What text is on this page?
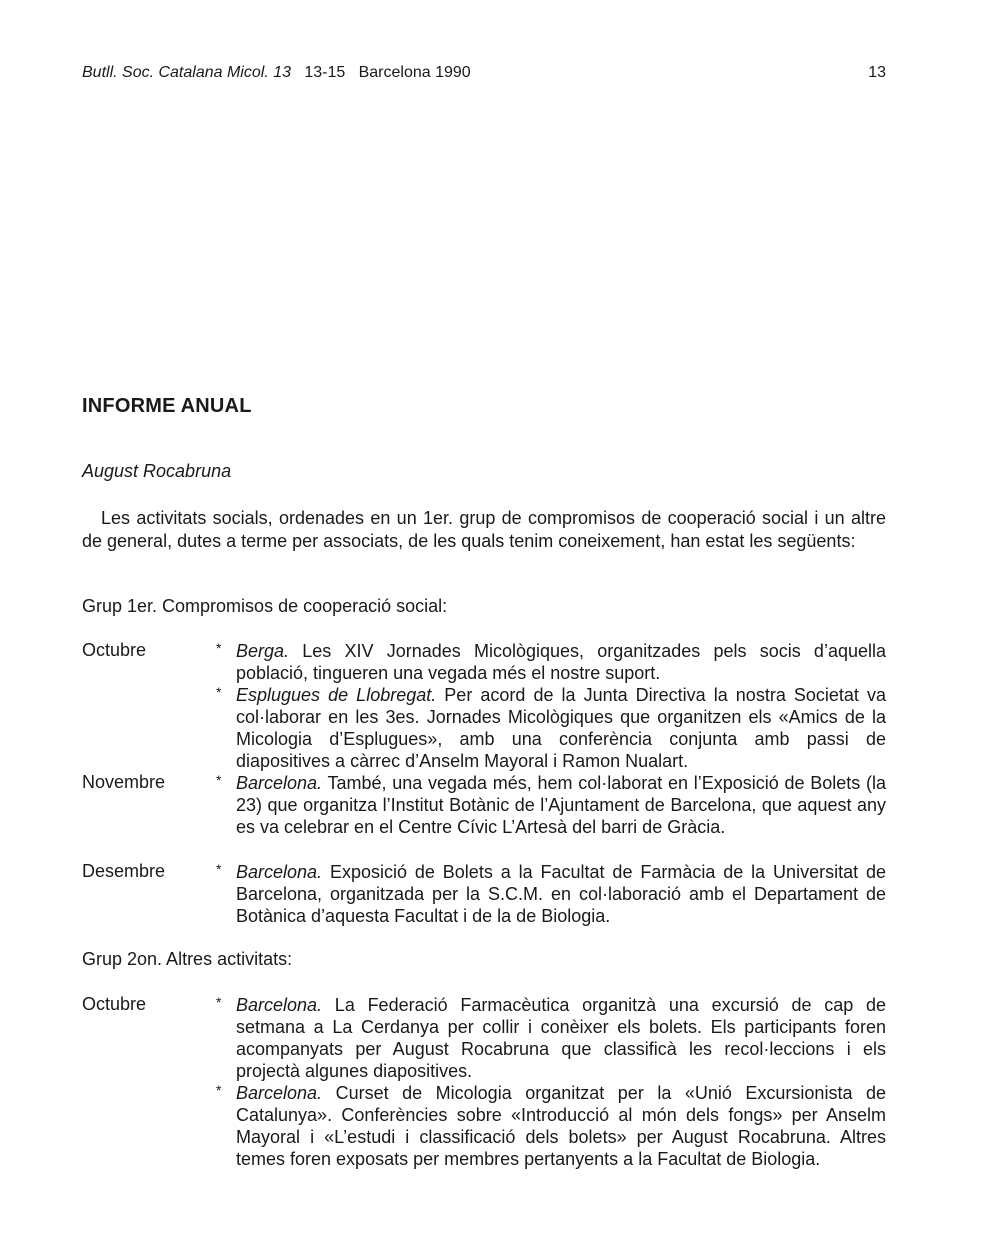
Butll. Soc. Catalana Micol. 13 13-15 Barcelona 1990	13
INFORME ANUAL
August Rocabruna

Les activitats socials, ordenades en un 1er. grup de compromisos de cooperació social i un altre de general, dutes a terme per associats, de les quals tenim coneixement, han estat les següents:

Grup 1er. Compromisos de cooperació social:

Octubre
Novembre
Desembre

* Berga. Les XIV Jornades Micològiques, organitzades pels socis d’aquella població, tingueren una vegada més el nostre suport.

* Esplugues de Llobregat. Per acord de la Junta Directiva la nostra Societat va col·laborar en les 3es. Jornades Micològiques que organitzen els «Amics de la Micologia d’Esplugues», amb una conferència conjunta amb passi de diapositives a càrrec d’Anselm Mayoral i Ramon Nualart.

* Barcelona. També, una vegada més, hem col·laborat en l’Exposició de Bolets (la 23) que organitza l’Institut Botànic de l’Ajuntament de Barcelona, que aquest any es va celebrar en el Centre Cívic L’Artesà del barri de Gràcia.

* Barcelona. Exposició de Bolets a la Facultat de Farmàcia de la Universitat de Barcelona, organitzada per la S.C.M. en col·laboració amb el Departament de Botànica d’aquesta Facultat i de la de Biologia.

Grup 2on. Altres activitats:

Octubre	* Barcelona. La Federació Farmacèutica organitzà una excursió de cap de setmana a La Cerdanya per collir i conèixer els bolets. Els participants foren acompanyats per August Rocabruna que classificà les recol·leccions i els projectà algunes diapositives.

* Barcelona. Curset de Micologia organitzat per la «Unió Excursionista de Catalunya». Conferències sobre «Introducció al món dels fongs» per Anselm Mayoral i «L’estudi i classificació dels bolets» per August Rocabruna. Altres temes foren exposats per membres pertanyents a la Facultat de Biologia.
